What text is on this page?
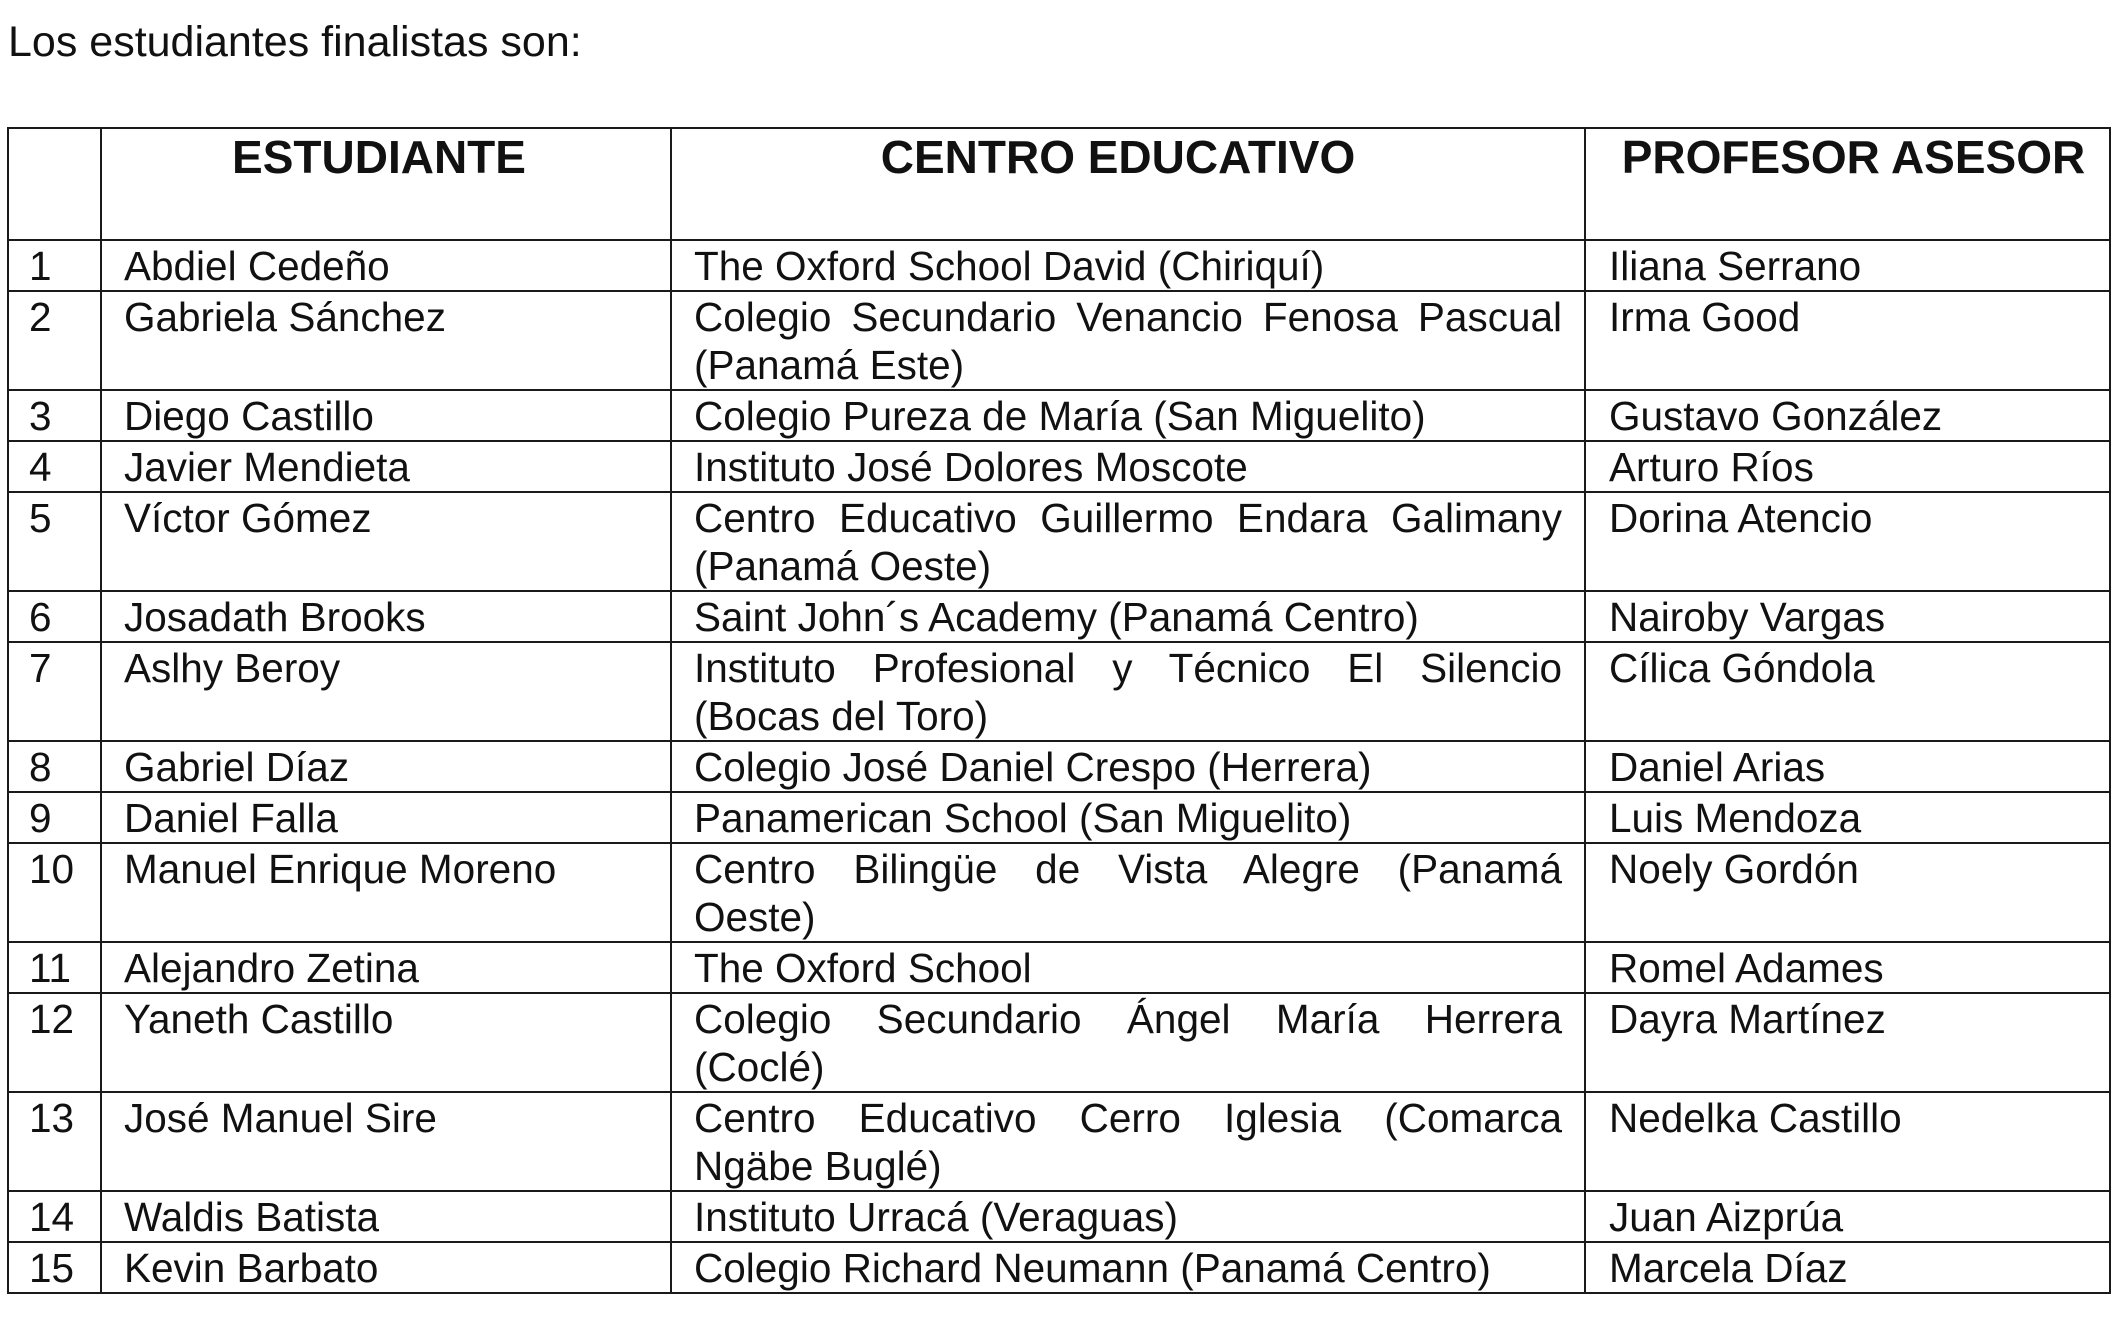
Los estudiantes finalistas son:
	ESTUDIANTE	CENTRO EDUCATIVO	PROFESOR ASESOR
1	Abdiel Cedeño	The Oxford School David (Chiriquí)	Iliana Serrano
2	Gabriela Sánchez	Colegio Secundario Venancio Fenosa Pascual (Panamá Este)	Irma Good
3	Diego Castillo	Colegio Pureza de María (San Miguelito)	Gustavo González
4	Javier Mendieta	Instituto José Dolores Moscote	Arturo Ríos
5	Víctor Gómez	Centro Educativo Guillermo Endara Galimany (Panamá Oeste)	Dorina Atencio
6	Josadath Brooks	Saint John´s Academy (Panamá Centro)	Nairoby Vargas
7	Aslhy Beroy	Instituto Profesional y Técnico El Silencio (Bocas del Toro)	Cílica Góndola
8	Gabriel Díaz	Colegio José Daniel Crespo (Herrera)	Daniel Arias
9	Daniel Falla	Panamerican School (San Miguelito)	Luis Mendoza
10	Manuel Enrique Moreno	Centro Bilingüe de Vista Alegre (Panamá Oeste)	Noely Gordón
11	Alejandro Zetina	The Oxford School	Romel Adames
12	Yaneth Castillo	Colegio Secundario Ángel María Herrera (Coclé)	Dayra Martínez
13	José Manuel Sire	Centro Educativo Cerro Iglesia (Comarca Ngäbe Buglé)	Nedelka Castillo
14	Waldis Batista	Instituto Urracá (Veraguas)	Juan Aizprúa
15	Kevin Barbato	Colegio Richard Neumann (Panamá Centro)	Marcela Díaz
